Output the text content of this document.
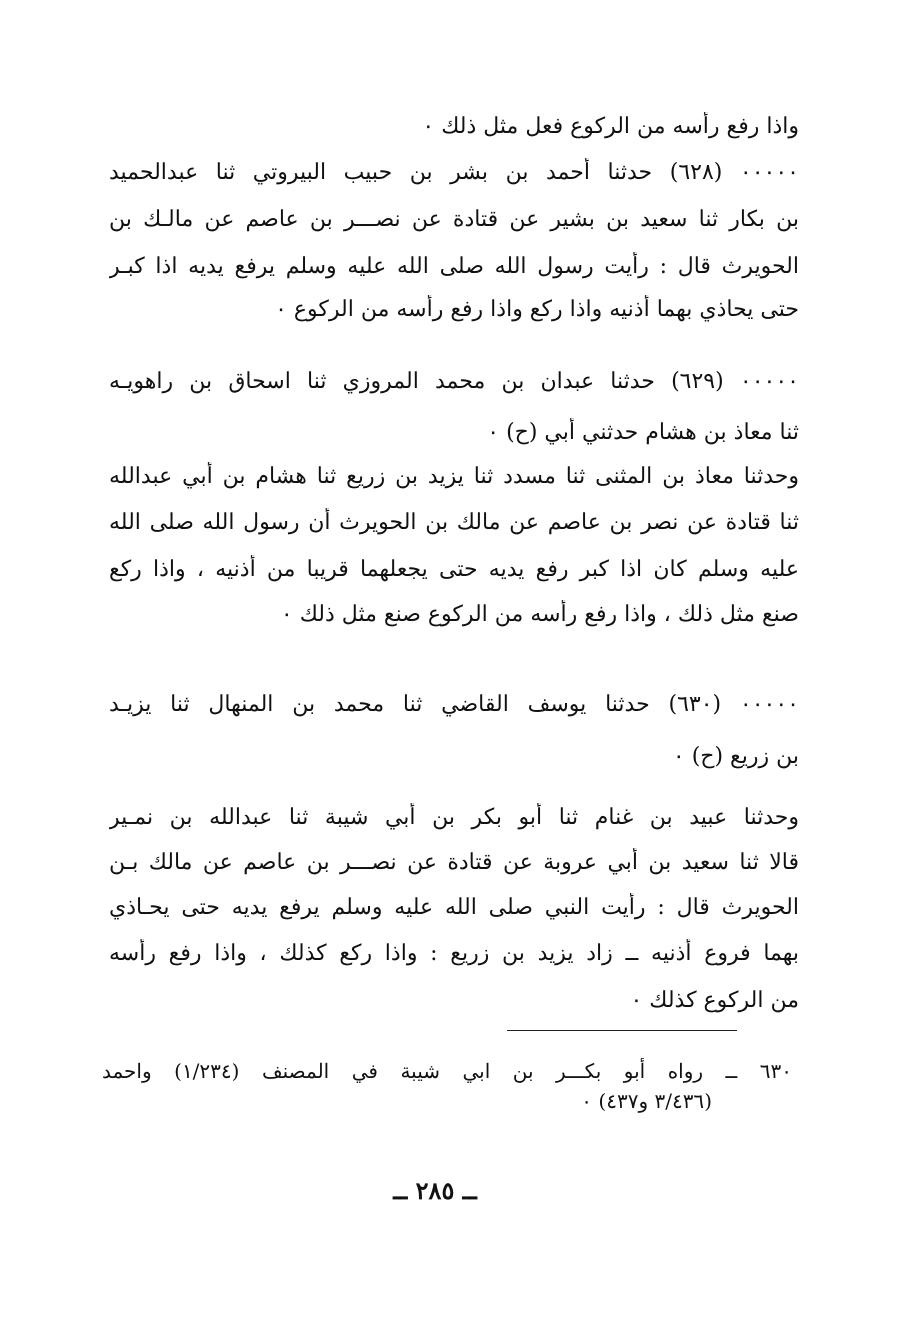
واذا رفع رأسه من الركوع فعل مثل ذلك ٠
٠٠٠٠٠ (٦٢٨) حدثنا أحمد بن بشر بن حبيب البيروتي ثنا عبدالحميد
بن بكار ثنا سعيد بن بشير عن قتادة عن نصـــر بن عاصم عن مالـك بن
الحويرث قال : رأيت رسول الله صلى الله عليه وسلم يرفع يديه اذا كبـر
حتى يحاذي بهما أذنيه واذا ركع واذا رفع رأسه من الركوع ٠
٠٠٠٠٠ (٦٢٩) حدثنا عبدان بن محمد المروزي ثنا اسحاق بن راهويـه
ثنا معاذ بن هشام حدثني أبي (ح) ٠
وحدثنا معاذ بن المثنى ثنا مسدد ثنا يزيد بن زريع ثنا هشام بن أبي عبدالله
ثنا قتادة عن نصر بن عاصم عن مالك بن الحويرث أن رسول الله صلى الله
عليه وسلم كان اذا كبر رفع يديه حتى يجعلهما قريبا من أذنيه ، واذا ركع
صنع مثل ذلك ، واذا رفع رأسه من الركوع صنع مثل ذلك ٠
٠٠٠٠٠ (٦٣٠) حدثنا يوسف القاضي ثنا محمد بن المنهال ثنا يزيـد
بن زريع (ح) ٠
وحدثنا عبيد بن غنام ثنا أبو بكر بن أبي شيبة ثنا عبدالله بن نمـير
قالا ثنا سعيد بن أبي عروبة عن قتادة عن نصـــر بن عاصم عن مالك بـن
الحويرث قال : رأيت النبي صلى الله عليه وسلم يرفع يديه حتى يحـاذي
بهما فروع أذنيه ــ زاد يزيد بن زريع : واذا ركع كذلك ، واذا رفع رأسه
من الركوع كذلك ٠
٦٣٠ ــ رواه أبو بكـــر بن ابي شيبة في المصنف (١/٢٣٤) واحمد
(٣/٤٣٦ و٤٣٧) ٠
ــ ٢٨٥ ــ
